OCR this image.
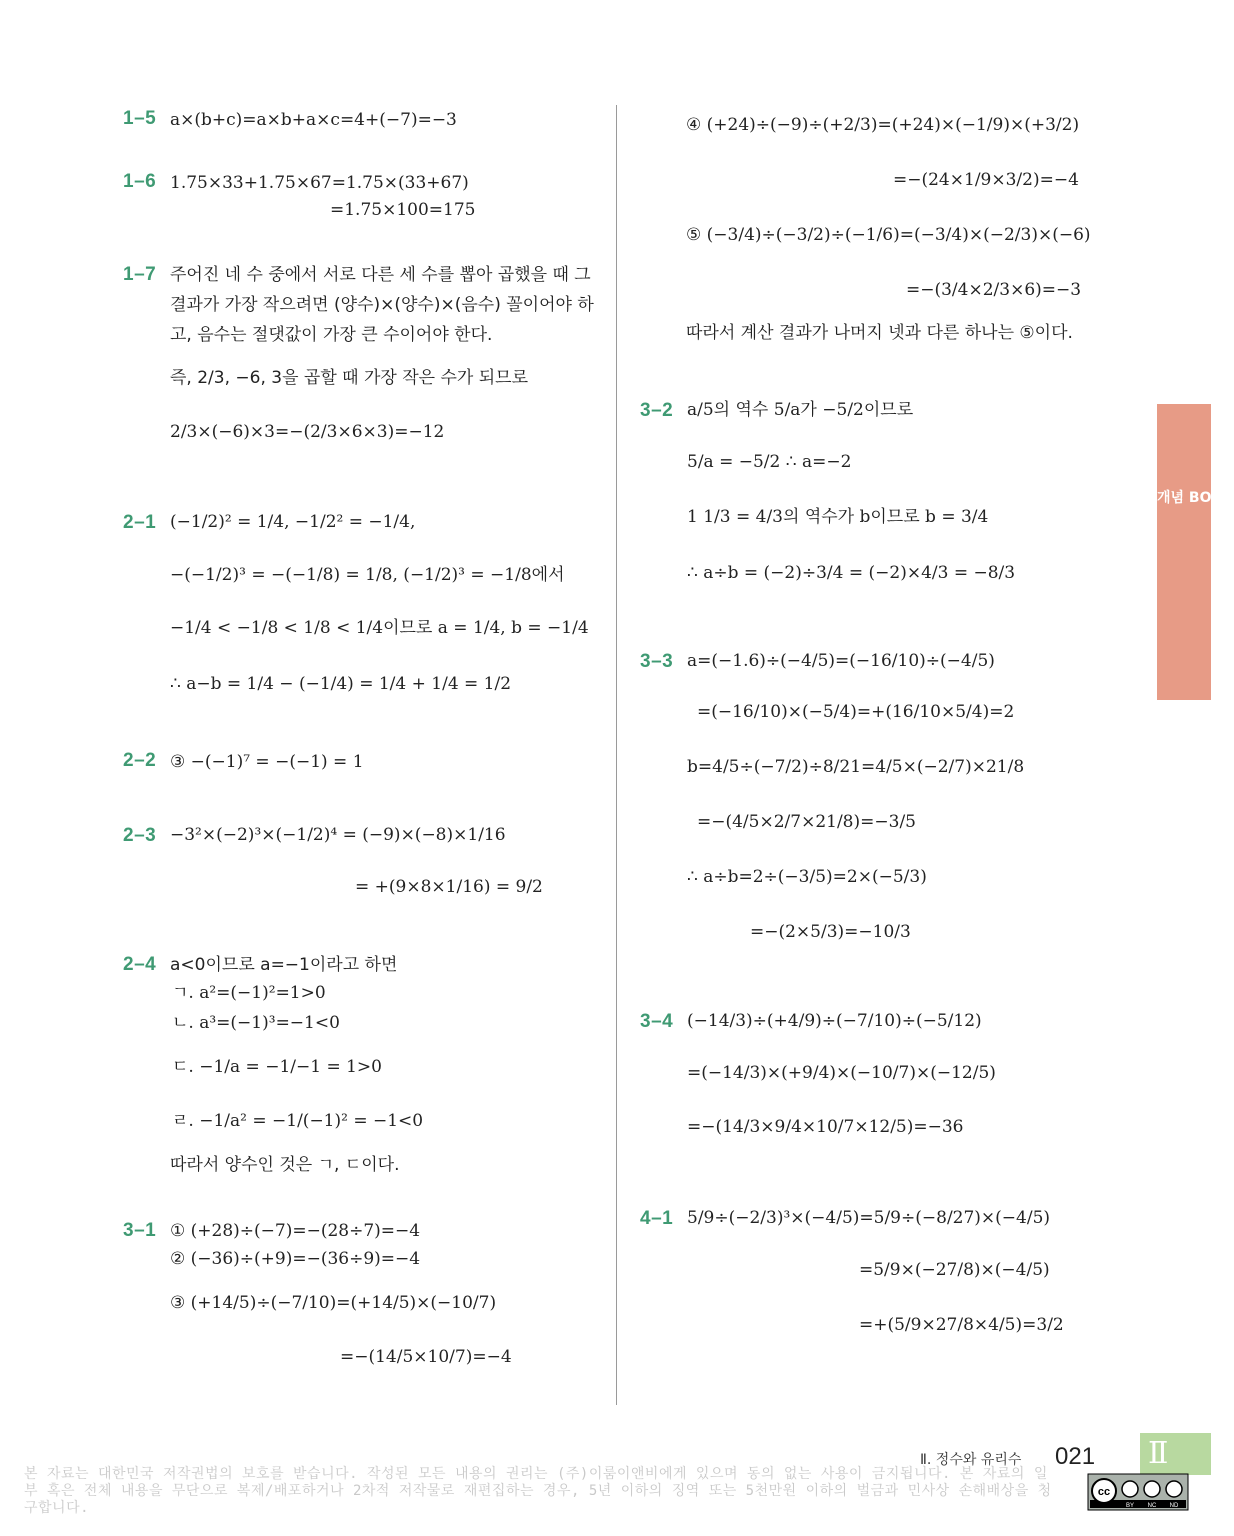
1–5 a×(b+c)=a×b+a×c=4+(−7)=−3
1–6 1.75×33+1.75×67=1.75×(33+67)
=1.75×100=175
1–7 주어진 네 수 중에서 서로 다른 세 수를 뽑아 곱했을 때 그
결과가 가장 작으려면 (양수)×(양수)×(음수) 꼴이어야 하
고, 음수는 절댓값이 가장 큰 수이어야 한다.
즉, 2/3, −6, 3을 곱할 때 가장 작은 수가 되므로
2/3×(−6)×3=−(2/3×6×3)=−12
2–1 (−1/2)² = 1/4, −1/2² = −1/4,
−(−1/2)³ = −(−1/8) = 1/8, (−1/2)³ = −1/8에서
−1/4 < −1/8 < 1/8 < 1/4이므로 a = 1/4, b = −1/4
∴ a−b = 1/4 − (−1/4) = 1/4 + 1/4 = 1/2
2–2 ③ −(−1)⁷ = −(−1) = 1
2–3 −3²×(−2)³×(−1/2)⁴ = (−9)×(−8)×1/16
= +(9×8×1/16) = 9/2
2–4 a<0이므로 a=−1이라고 하면
ㄱ. a²=(−1)²=1>0
ㄴ. a³=(−1)³=−1<0
ㄷ. −1/a = −1/−1 = 1>0
ㄹ. −1/a² = −1/(−1)² = −1<0
따라서 양수인 것은 ㄱ, ㄷ이다.
3–1 ① (+28)÷(−7)=−(28÷7)=−4
② (−36)÷(+9)=−(36÷9)=−4
③ (+14/5)÷(−7/10)=(+14/5)×(−10/7)
=−(14/5×10/7)=−4
④ (+24)÷(−9)÷(+2/3)=(+24)×(−1/9)×(+3/2)
=−(24×1/9×3/2)=−4
⑤ (−3/4)÷(−3/2)÷(−1/6)=(−3/4)×(−2/3)×(−6)
=−(3/4×2/3×6)=−3
따라서 계산 결과가 나머지 넷과 다른 하나는 ⑤이다.
3–2 a/5의 역수 5/a가 −5/2이므로
5/a = −5/2 ∴ a=−2
1 1/3 = 4/3의 역수가 b이므로 b = 3/4
∴ a÷b = (−2)÷3/4 = (−2)×4/3 = −8/3
3–3 a=(−1.6)÷(−4/5)=(−16/10)÷(−4/5)
=(−16/10)×(−5/4)=+(16/10×5/4)=2
b=4/5÷(−7/2)÷8/21=4/5×(−2/7)×21/8
=−(4/5×2/7×21/8)=−3/5
∴ a÷b=2÷(−3/5)=2×(−5/3)
=−(2×5/3)=−10/3
3–4 (−14/3)÷(+4/9)÷(−7/10)÷(−5/12)
=(−14/3)×(+9/4)×(−10/7)×(−12/5)
=−(14/3×9/4×10/7×12/5)=−36
4–1 5/9÷(−2/3)³×(−4/5)=5/9÷(−8/27)×(−4/5)
=5/9×(−27/8)×(−4/5)
=+(5/9×27/8×4/5)=3/2
개념 BOOK
Ⅱ. 정수와 유리수 021 Ⅱ
본 자료는 대한민국 저작권법의 보호를 받습니다. 작성된 모든 내용의 권리는 (주)이룸이앤비에게 있으며 동의 없는 사용이 금지됩니다. 본 자료의 일부 혹은 전체 내용을 무단으로 복제/배포하거나 2차적 저작물로 재편집하는 경우, 5년 이하의 징역 또는 5천만원 이하의 벌금과 민사상 손해배상을 청구합니다.
cc
BY NC ND
